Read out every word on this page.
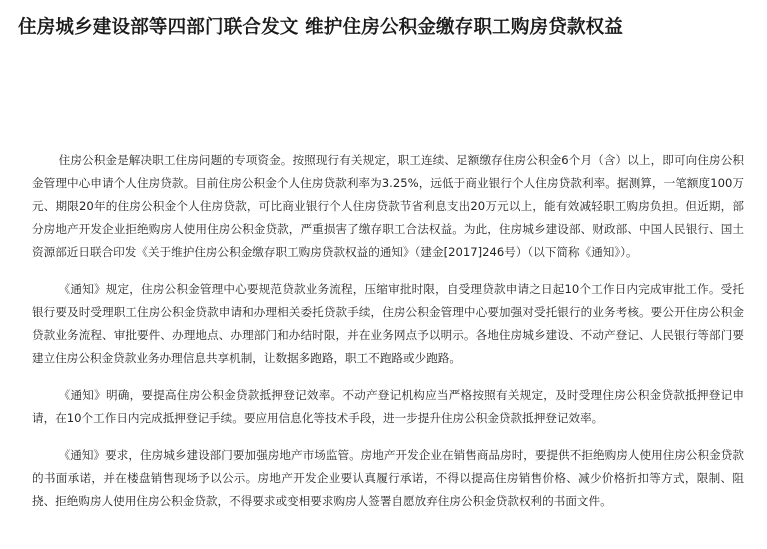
住房城乡建设部等四部门联合发文 维护住房公积金缴存职工购房贷款权益

住房公积金是解决职工住房问题的专项资金。按照现行有关规定，职工连续、足额缴存住房公积金6个月（含）以上，即可向住房公积金管理中心申请个人住房贷款。目前住房公积金个人住房贷款利率为3.25%，远低于商业银行个人住房贷款利率。据测算，一笔额度100万元、期限20年的住房公积金个人住房贷款，可比商业银行个人住房贷款节省利息支出20万元以上，能有效减轻职工购房负担。但近期，部分房地产开发企业拒绝购房人使用住房公积金贷款，严重损害了缴存职工合法权益。为此，住房城乡建设部、财政部、中国人民银行、国土资源部近日联合印发《关于维护住房公积金缴存职工购房贷款权益的通知》（建金[2017]246号）（以下简称《通知》）。

《通知》规定，住房公积金管理中心要规范贷款业务流程，压缩审批时限，自受理贷款申请之日起10个工作日内完成审批工作。受托银行要及时受理职工住房公积金贷款申请和办理相关委托贷款手续，住房公积金管理中心要加强对受托银行的业务考核。要公开住房公积金贷款业务流程、审批要件、办理地点、办理部门和办结时限，并在业务网点予以明示。各地住房城乡建设、不动产登记、人民银行等部门要建立住房公积金贷款业务办理信息共享机制，让数据多跑路，职工不跑路或少跑路。

《通知》明确，要提高住房公积金贷款抵押登记效率。不动产登记机构应当严格按照有关规定，及时受理住房公积金贷款抵押登记申请，在10个工作日内完成抵押登记手续。要应用信息化等技术手段，进一步提升住房公积金贷款抵押登记效率。

《通知》要求，住房城乡建设部门要加强房地产市场监管。房地产开发企业在销售商品房时，要提供不拒绝购房人使用住房公积金贷款的书面承诺，并在楼盘销售现场予以公示。房地产开发企业要认真履行承诺，不得以提高住房销售价格、减少价格折扣等方式，限制、阻挠、拒绝购房人使用住房公积金贷款，不得要求或变相要求购房人签署自愿放弃住房公积金贷款权利的书面文件。
